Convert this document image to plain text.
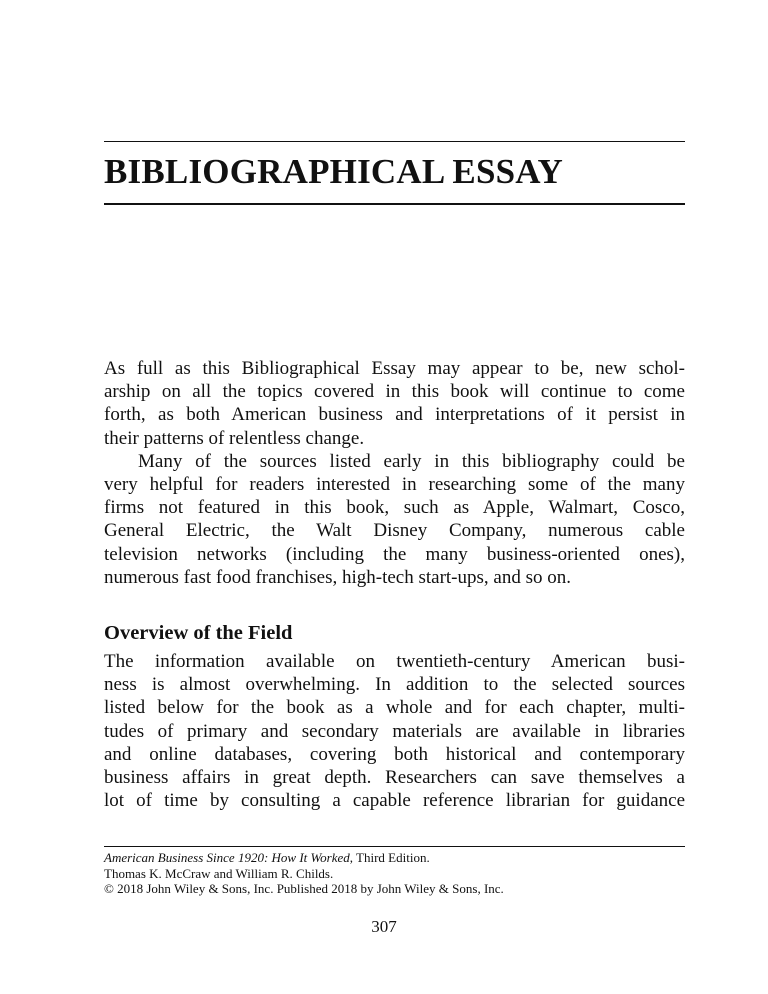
BIBLIOGRAPHICAL ESSAY

As full as this Bibliographical Essay may appear to be, new schol-
arship on all the topics covered in this book will continue to come
forth, as both American business and interpretations of it persist in
their patterns of relentless change.

Many of the sources listed early in this bibliography could be
very helpful for readers interested in researching some of the many
firms not featured in this book, such as Apple, Walmart, Cosco,
General Electric, the Walt Disney Company, numerous cable
television networks (including the many business-oriented ones),
numerous fast food franchises, high-tech start-ups, and so on.

Overview of the Field

The information available on twentieth-century American busi-
ness is almost overwhelming. In addition to the selected sources
listed below for the book as a whole and for each chapter, multi-
tudes of primary and secondary materials are available in libraries
and online databases, covering both historical and contemporary
business affairs in great depth. Researchers can save themselves a
lot of time by consulting a capable reference librarian for guidance

American Business Since 1920: How It Worked, Third Edition.
Thomas K. McCraw and William R. Childs.
© 2018 John Wiley & Sons, Inc. Published 2018 by John Wiley & Sons, Inc.
307
